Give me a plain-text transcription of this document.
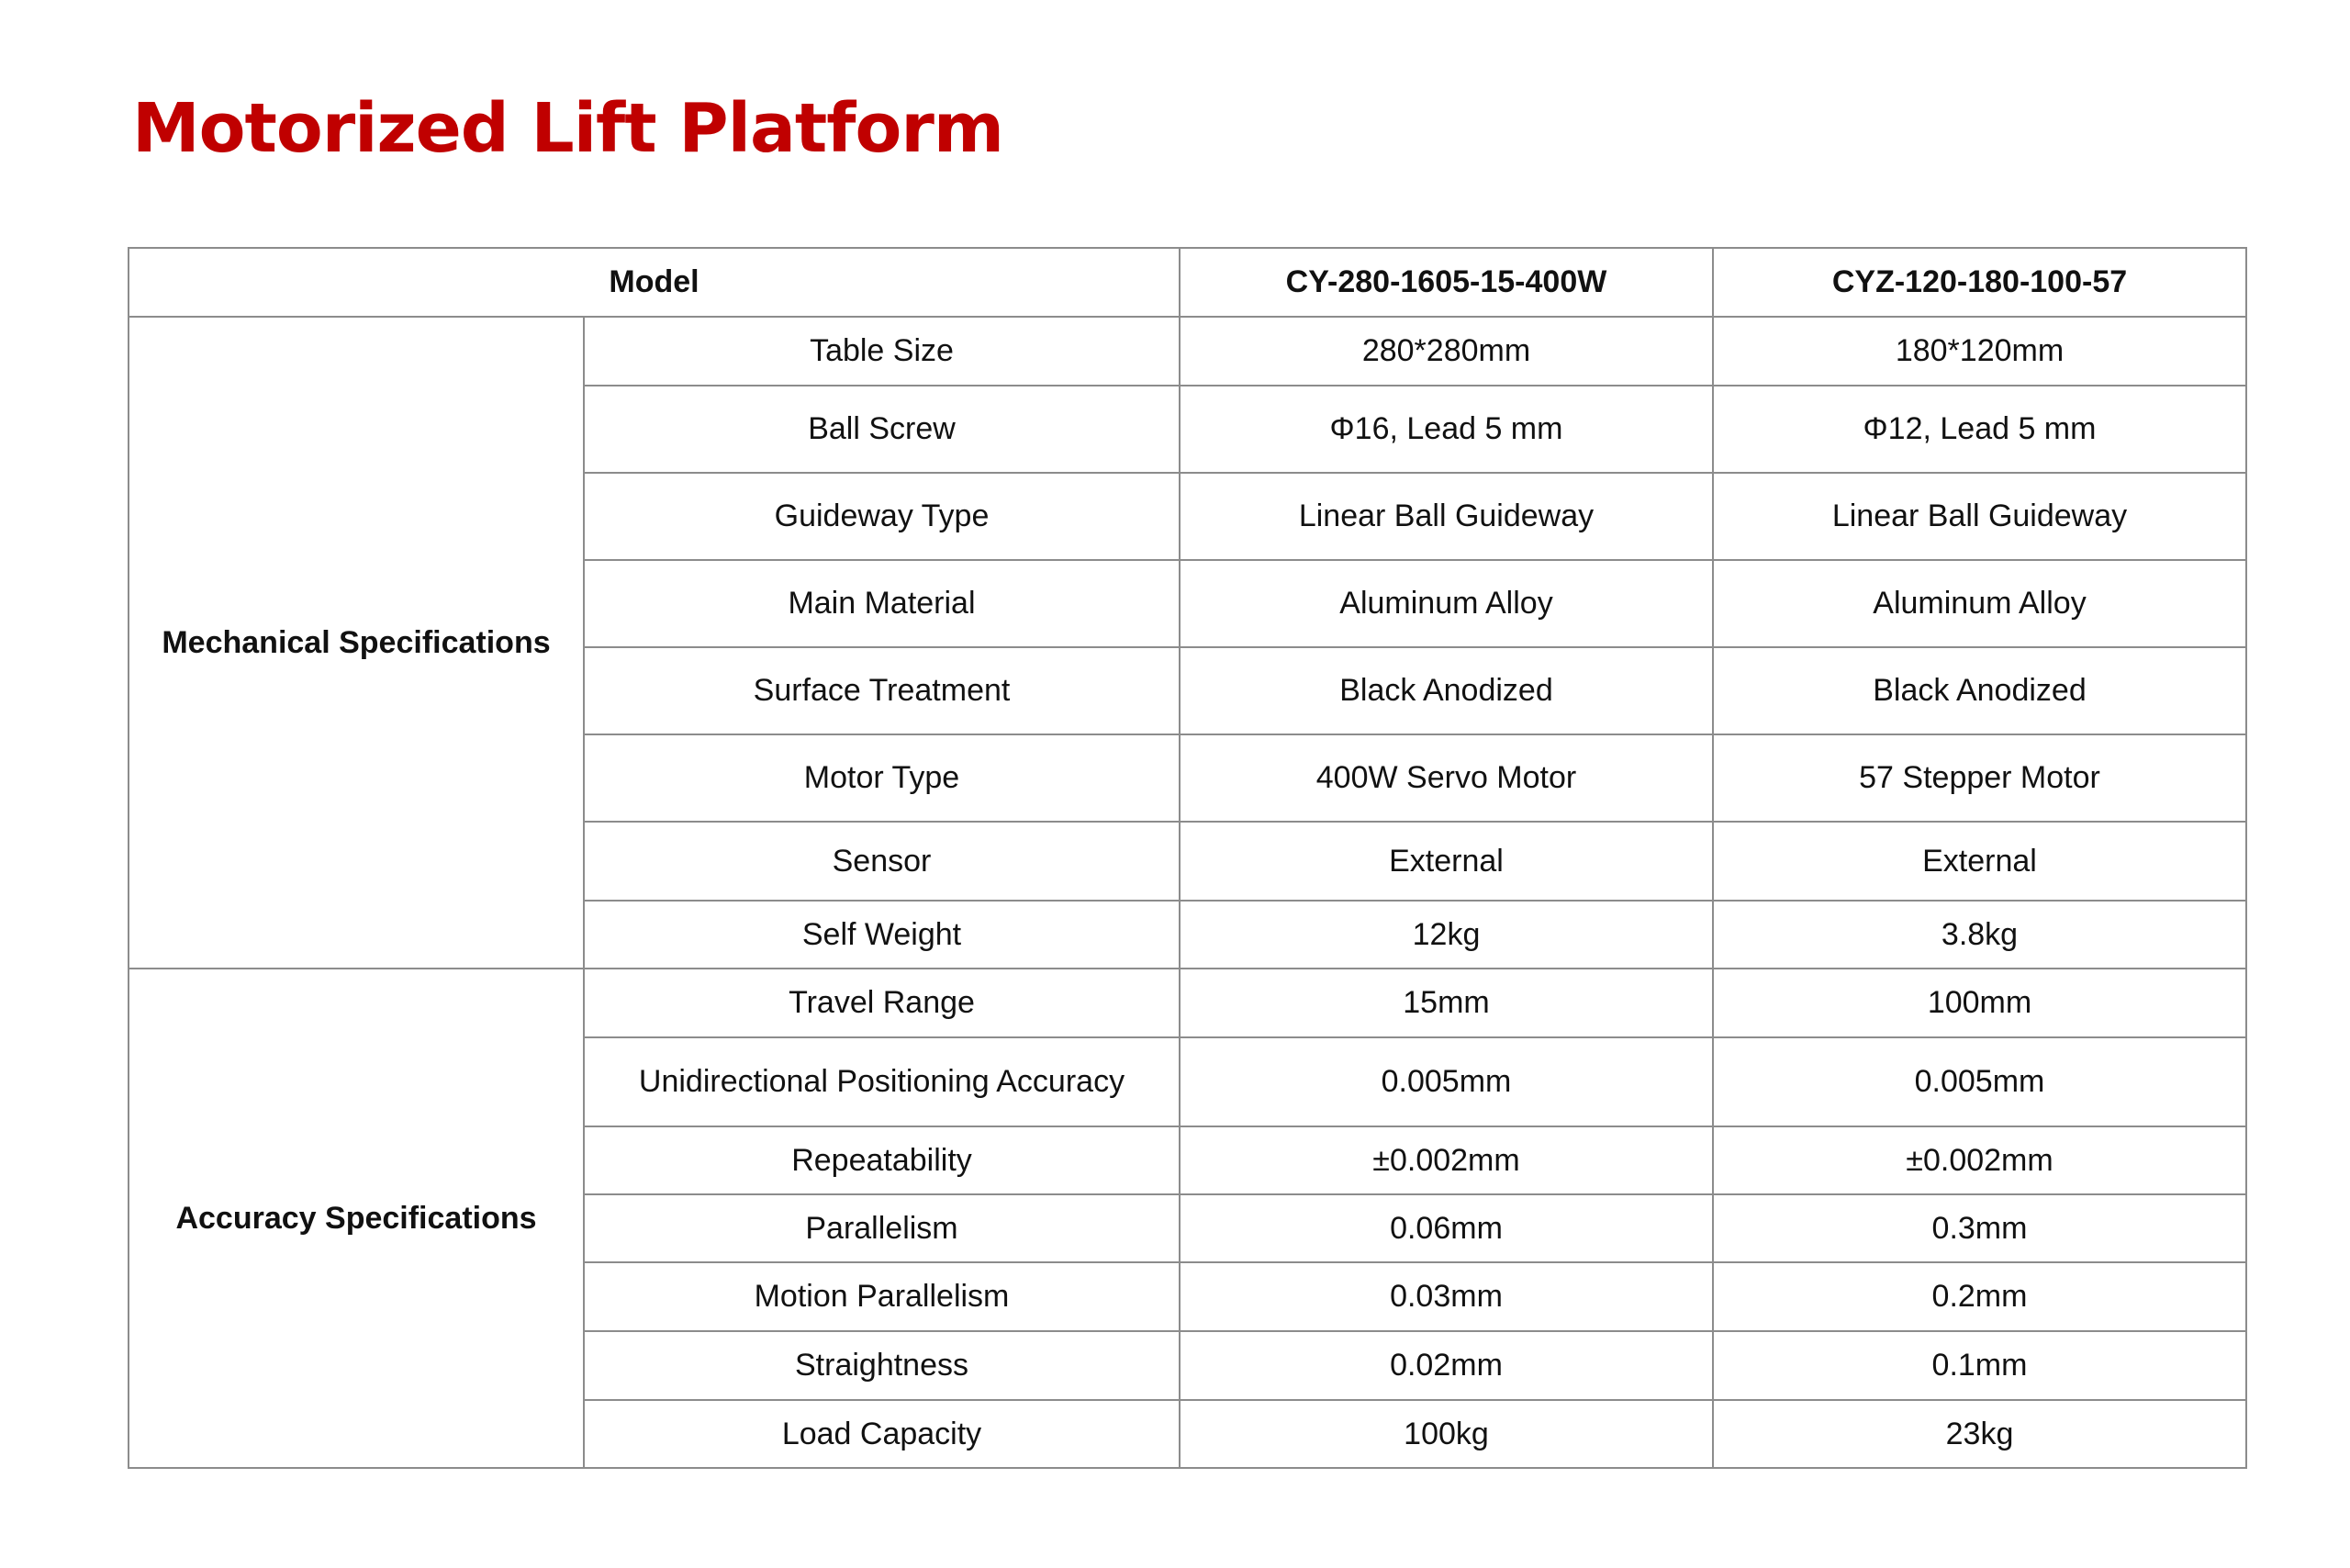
Motorized Lift Platform
Model		CY-280-1605-15-400W	CYZ-120-180-100-57
Mechanical Specifications	Table Size	280*280mm	180*120mm
	Ball Screw	Φ16, Lead 5 mm	Φ12, Lead 5 mm
	Guideway Type	Linear Ball Guideway	Linear Ball Guideway
	Main Material	Aluminum Alloy	Aluminum Alloy
	Surface Treatment	Black Anodized	Black Anodized
	Motor Type	400W Servo Motor	57 Stepper Motor
	Sensor	External	External
	Self Weight	12kg	3.8kg
Accuracy Specifications	Travel Range	15mm	100mm
	Unidirectional Positioning Accuracy	0.005mm	0.005mm
	Repeatability	±0.002mm	±0.002mm
	Parallelism	0.06mm	0.3mm
	Motion Parallelism	0.03mm	0.2mm
	Straightness	0.02mm	0.1mm
	Load Capacity	100kg	23kg
